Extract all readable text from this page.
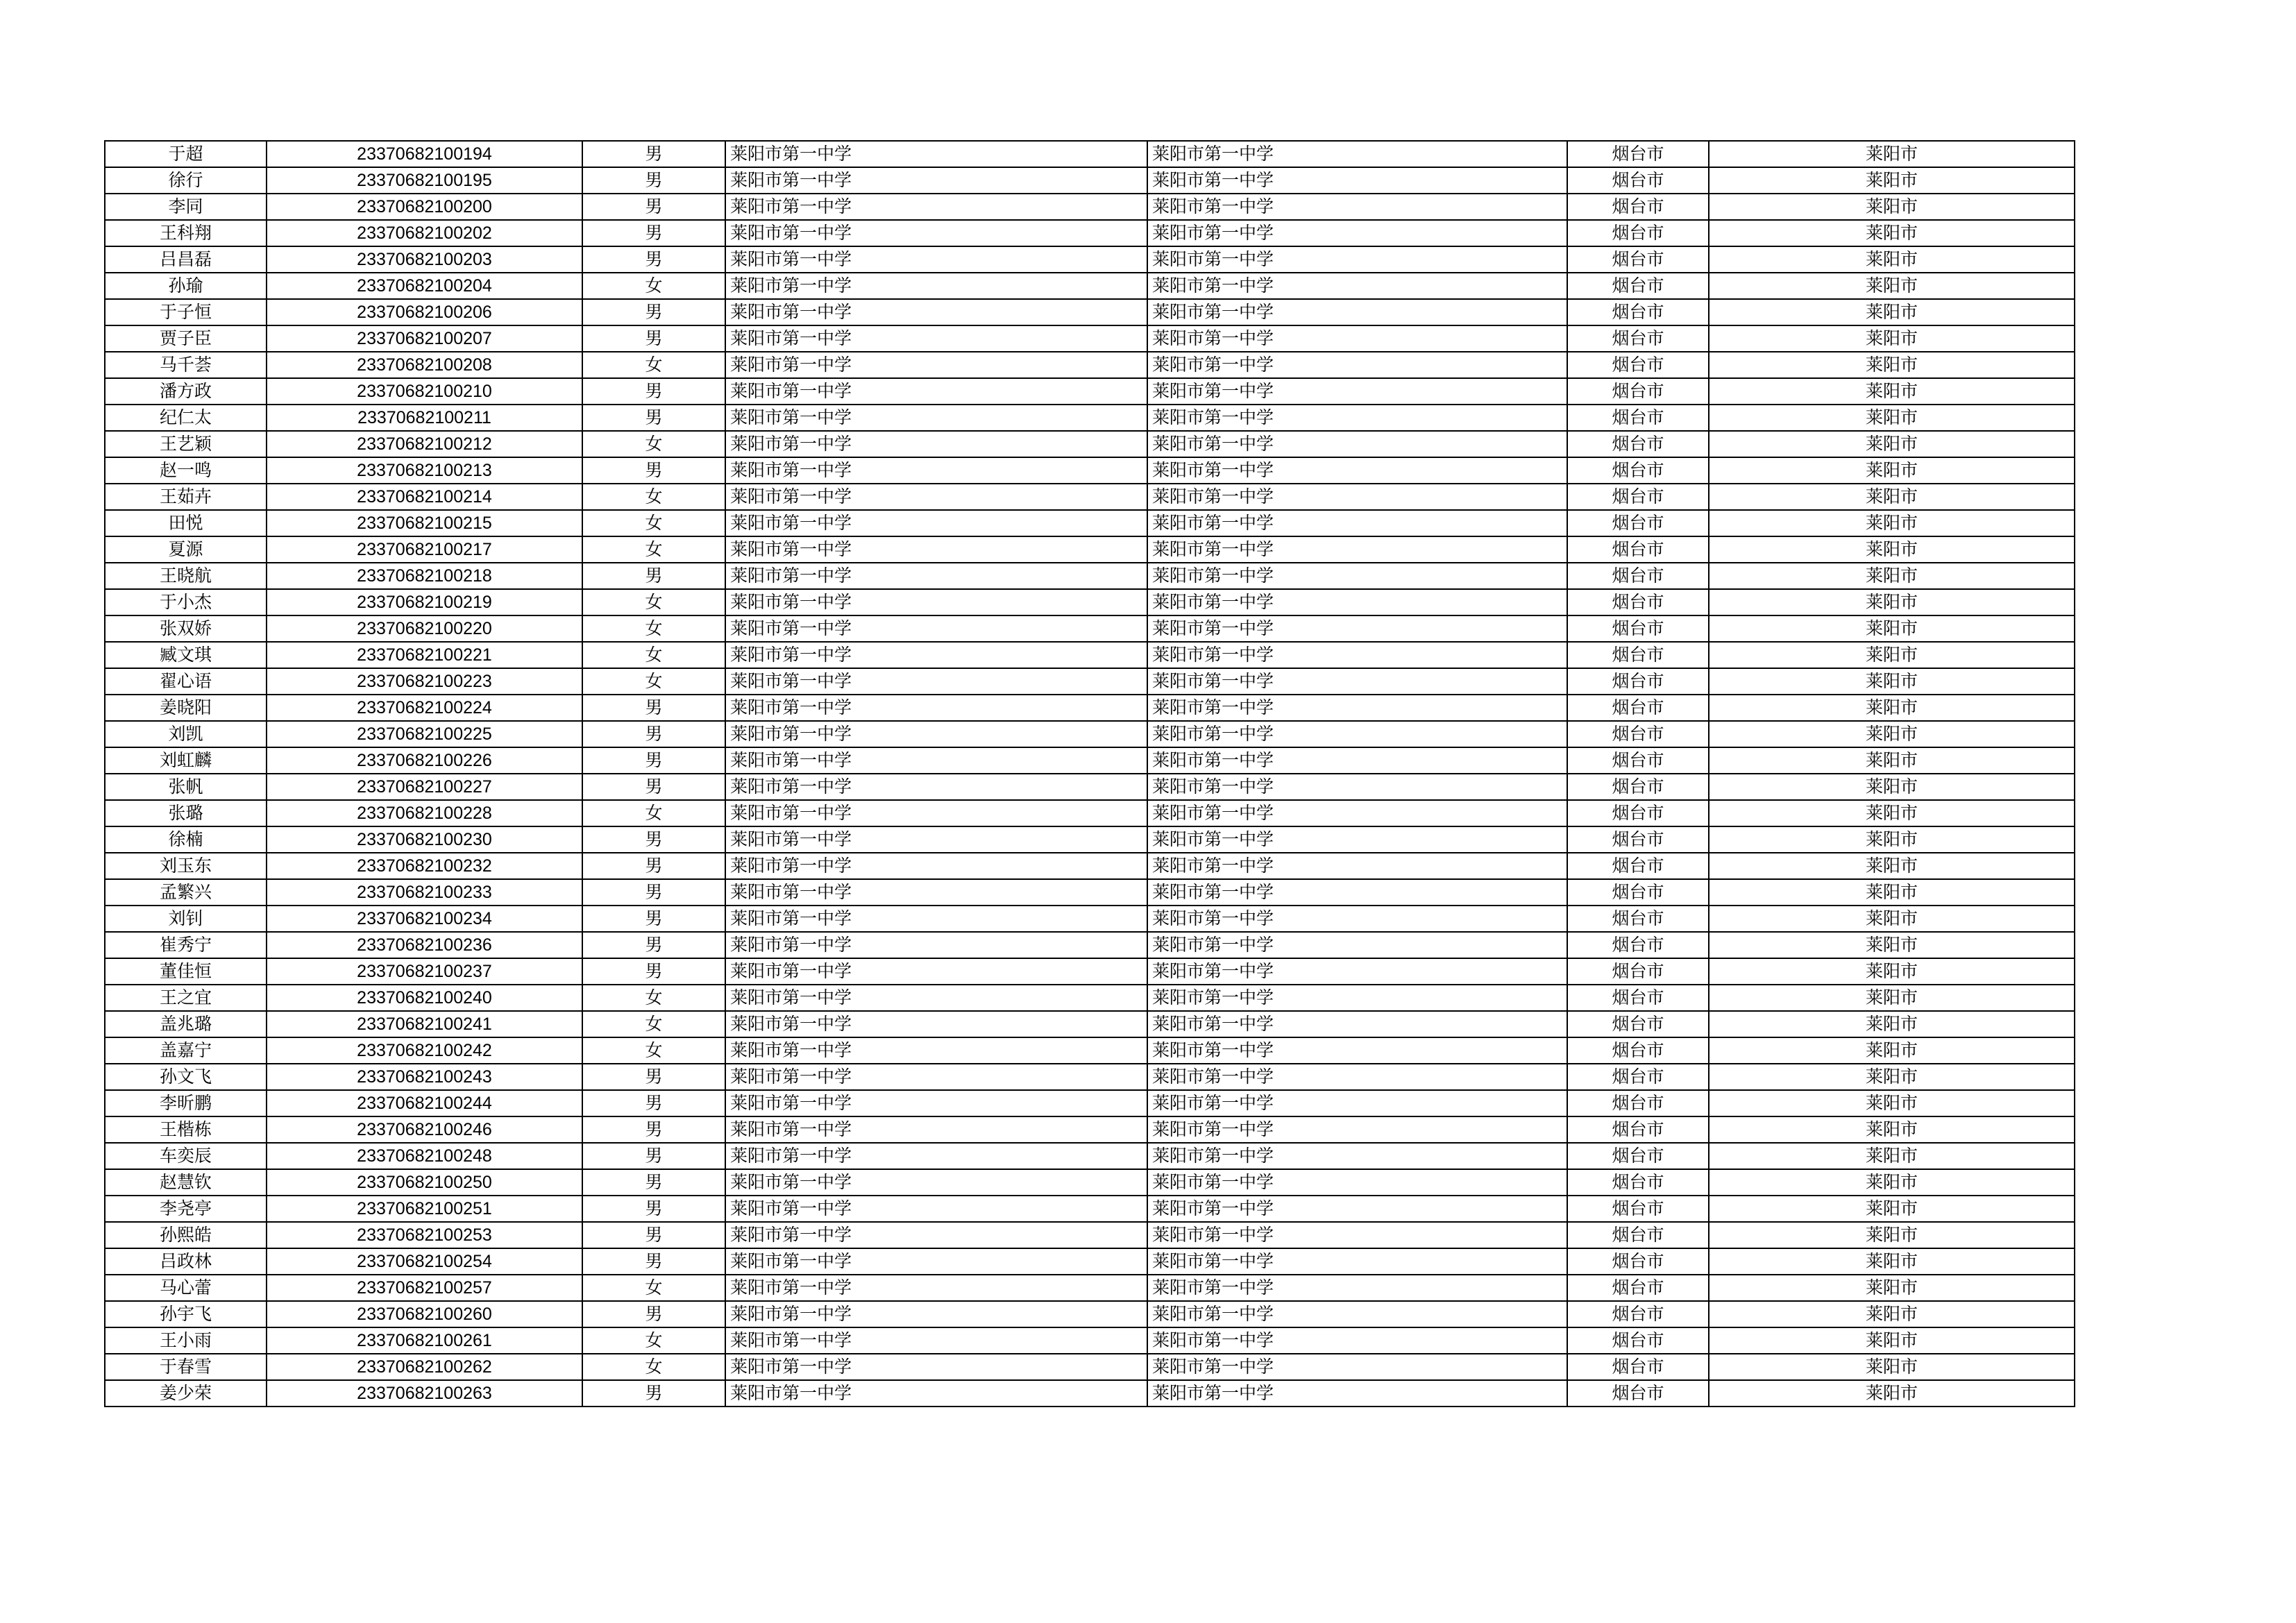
于超	23370682100194	男	莱阳市第一中学	莱阳市第一中学	烟台市	莱阳市
徐行	23370682100195	男	莱阳市第一中学	莱阳市第一中学	烟台市	莱阳市
李同	23370682100200	男	莱阳市第一中学	莱阳市第一中学	烟台市	莱阳市
王科翔	23370682100202	男	莱阳市第一中学	莱阳市第一中学	烟台市	莱阳市
吕昌磊	23370682100203	男	莱阳市第一中学	莱阳市第一中学	烟台市	莱阳市
孙瑜	23370682100204	女	莱阳市第一中学	莱阳市第一中学	烟台市	莱阳市
于子恒	23370682100206	男	莱阳市第一中学	莱阳市第一中学	烟台市	莱阳市
贾子臣	23370682100207	男	莱阳市第一中学	莱阳市第一中学	烟台市	莱阳市
马千荟	23370682100208	女	莱阳市第一中学	莱阳市第一中学	烟台市	莱阳市
潘方政	23370682100210	男	莱阳市第一中学	莱阳市第一中学	烟台市	莱阳市
纪仁太	23370682100211	男	莱阳市第一中学	莱阳市第一中学	烟台市	莱阳市
王艺颖	23370682100212	女	莱阳市第一中学	莱阳市第一中学	烟台市	莱阳市
赵一鸣	23370682100213	男	莱阳市第一中学	莱阳市第一中学	烟台市	莱阳市
王茹卉	23370682100214	女	莱阳市第一中学	莱阳市第一中学	烟台市	莱阳市
田悦	23370682100215	女	莱阳市第一中学	莱阳市第一中学	烟台市	莱阳市
夏源	23370682100217	女	莱阳市第一中学	莱阳市第一中学	烟台市	莱阳市
王晓航	23370682100218	男	莱阳市第一中学	莱阳市第一中学	烟台市	莱阳市
于小杰	23370682100219	女	莱阳市第一中学	莱阳市第一中学	烟台市	莱阳市
张双娇	23370682100220	女	莱阳市第一中学	莱阳市第一中学	烟台市	莱阳市
臧文琪	23370682100221	女	莱阳市第一中学	莱阳市第一中学	烟台市	莱阳市
翟心语	23370682100223	女	莱阳市第一中学	莱阳市第一中学	烟台市	莱阳市
姜晓阳	23370682100224	男	莱阳市第一中学	莱阳市第一中学	烟台市	莱阳市
刘凯	23370682100225	男	莱阳市第一中学	莱阳市第一中学	烟台市	莱阳市
刘虹麟	23370682100226	男	莱阳市第一中学	莱阳市第一中学	烟台市	莱阳市
张帆	23370682100227	男	莱阳市第一中学	莱阳市第一中学	烟台市	莱阳市
张璐	23370682100228	女	莱阳市第一中学	莱阳市第一中学	烟台市	莱阳市
徐楠	23370682100230	男	莱阳市第一中学	莱阳市第一中学	烟台市	莱阳市
刘玉东	23370682100232	男	莱阳市第一中学	莱阳市第一中学	烟台市	莱阳市
孟繁兴	23370682100233	男	莱阳市第一中学	莱阳市第一中学	烟台市	莱阳市
刘钊	23370682100234	男	莱阳市第一中学	莱阳市第一中学	烟台市	莱阳市
崔秀宁	23370682100236	男	莱阳市第一中学	莱阳市第一中学	烟台市	莱阳市
董佳恒	23370682100237	男	莱阳市第一中学	莱阳市第一中学	烟台市	莱阳市
王之宜	23370682100240	女	莱阳市第一中学	莱阳市第一中学	烟台市	莱阳市
盖兆璐	23370682100241	女	莱阳市第一中学	莱阳市第一中学	烟台市	莱阳市
盖嘉宁	23370682100242	女	莱阳市第一中学	莱阳市第一中学	烟台市	莱阳市
孙文飞	23370682100243	男	莱阳市第一中学	莱阳市第一中学	烟台市	莱阳市
李昕鹏	23370682100244	男	莱阳市第一中学	莱阳市第一中学	烟台市	莱阳市
王楷栋	23370682100246	男	莱阳市第一中学	莱阳市第一中学	烟台市	莱阳市
车奕辰	23370682100248	男	莱阳市第一中学	莱阳市第一中学	烟台市	莱阳市
赵慧钦	23370682100250	男	莱阳市第一中学	莱阳市第一中学	烟台市	莱阳市
李尧亭	23370682100251	男	莱阳市第一中学	莱阳市第一中学	烟台市	莱阳市
孙熙皓	23370682100253	男	莱阳市第一中学	莱阳市第一中学	烟台市	莱阳市
吕政林	23370682100254	男	莱阳市第一中学	莱阳市第一中学	烟台市	莱阳市
马心蕾	23370682100257	女	莱阳市第一中学	莱阳市第一中学	烟台市	莱阳市
孙宇飞	23370682100260	男	莱阳市第一中学	莱阳市第一中学	烟台市	莱阳市
王小雨	23370682100261	女	莱阳市第一中学	莱阳市第一中学	烟台市	莱阳市
于春雪	23370682100262	女	莱阳市第一中学	莱阳市第一中学	烟台市	莱阳市
姜少荣	23370682100263	男	莱阳市第一中学	莱阳市第一中学	烟台市	莱阳市
